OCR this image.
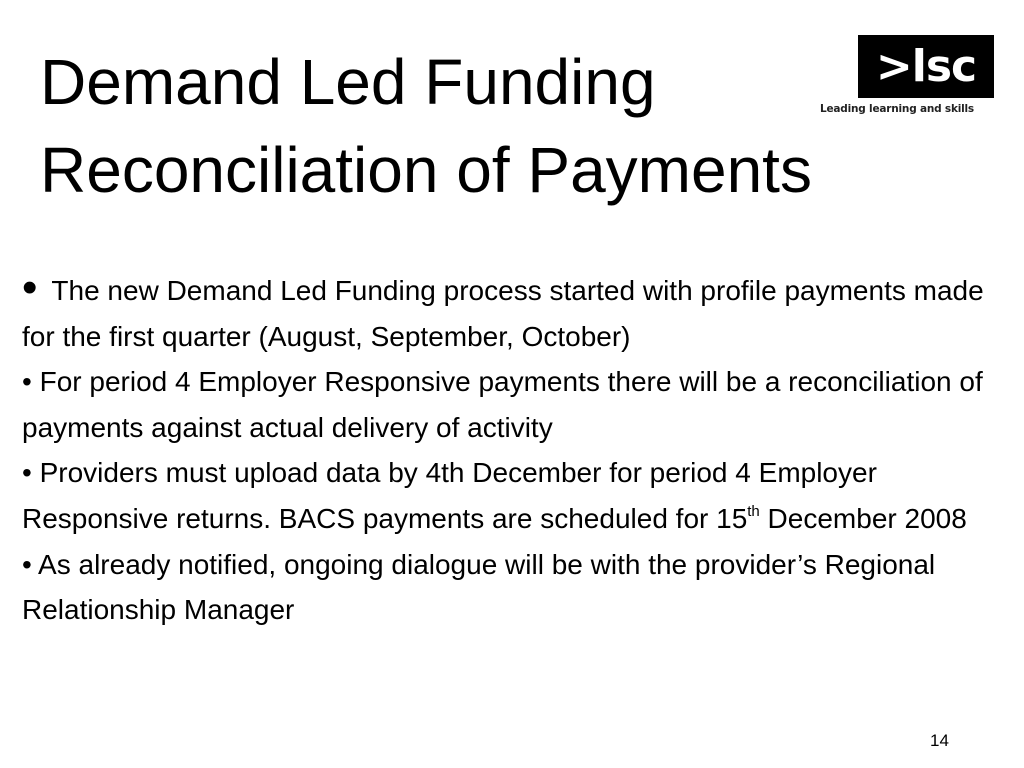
Demand Led Funding
Reconciliation of Payments
>lsc
Leading learning and skills

• The new Demand Led Funding process started with profile payments made for the first quarter (August, September, October)

• For period 4 Employer Responsive payments there will be a reconciliation of payments against actual delivery of activity

• Providers must upload data by 4th December for period 4 Employer Responsive returns. BACS payments are scheduled for 15th December 2008

• As already notified, ongoing dialogue will be with the provider’s Regional Relationship Manager

14
